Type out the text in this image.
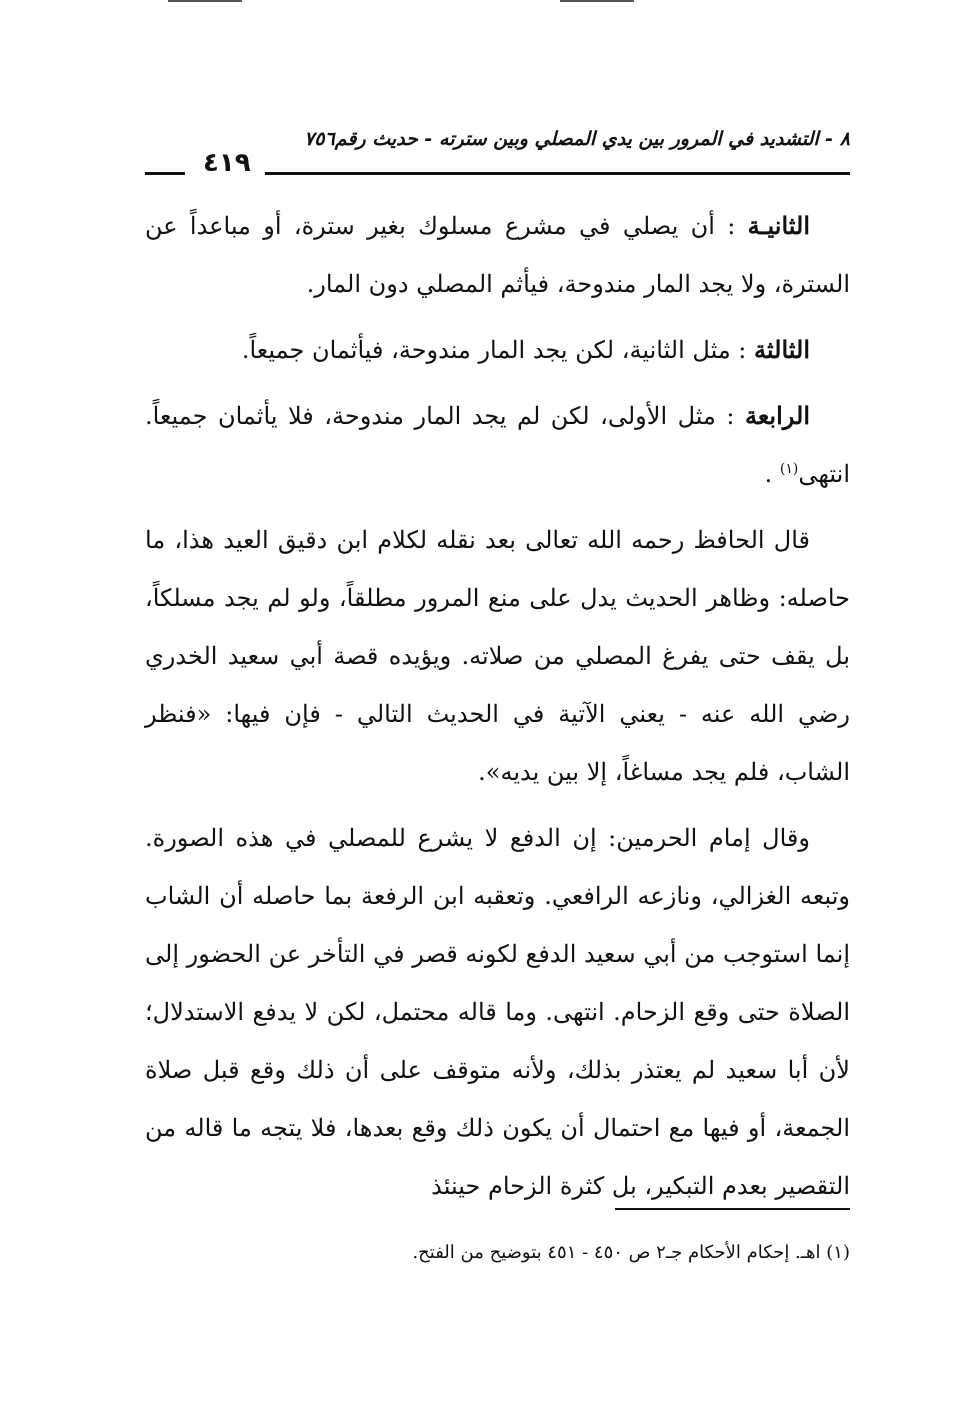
٨ - التشديد في المرور بين يدي المصلي وبين سترته - حديث رقم٧٥٦
٤١٩

الثانيـة : أن يصلي في مشرع مسلوك بغير سترة، أو مباعداً عن السترة، ولا يجد المار مندوحة، فيأثم المصلي دون المار.

الثالثة : مثل الثانية، لكن يجد المار مندوحة، فيأثمان جميعاً.

الرابعة : مثل الأولى، لكن لم يجد المار مندوحة، فلا يأثمان جميعاً. انتهى$^{(١)}$ .

قال الحافظ رحمه الله تعالى بعد نقله لكلام ابن دقيق العيد هذا، ما حاصله: وظاهر الحديث يدل على منع المرور مطلقاً، ولو لم يجد مسلكاً، بل يقف حتى يفرغ المصلي من صلاته. ويؤيده قصة أبي سعيد الخدري رضي الله عنه - يعني الآتية في الحديث التالي - فإن فيها: «فنظر الشاب، فلم يجد مساغاً، إلا بين يديه».

وقال إمام الحرمين: إن الدفع لا يشرع للمصلي في هذه الصورة. وتبعه الغزالي، ونازعه الرافعي. وتعقبه ابن الرفعة بما حاصله أن الشاب إنما استوجب من أبي سعيد الدفع لكونه قصر في التأخر عن الحضور إلى الصلاة حتى وقع الزحام. انتهى. وما قاله محتمل، لكن لا يدفع الاستدلال؛ لأن أبا سعيد لم يعتذر بذلك، ولأنه متوقف على أن ذلك وقع قبل صلاة الجمعة، أو فيها مع احتمال أن يكون ذلك وقع بعدها، فلا يتجه ما قاله من التقصير بعدم التبكير، بل كثرة الزحام حينئذ

(١) اهـ. إحكام الأحكام جـ٢ ص ٤٥٠ - ٤٥١ بتوضيح من الفتح.
